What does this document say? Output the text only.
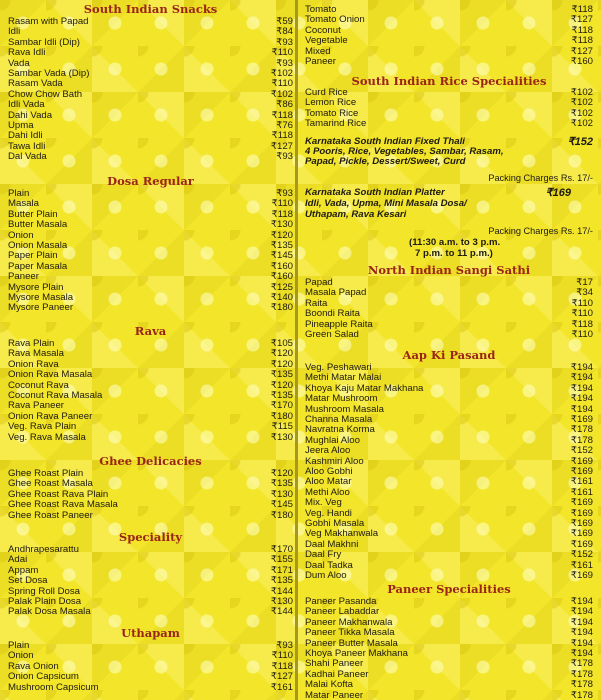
South Indian Snacks
Rasam with Papad	₹59
Idli	₹84
Sambar Idli (Dip)	₹93
Rava Idli	₹110
Vada	₹93
Sambar Vada (Dip)	₹102
Rasam Vada	₹110
Chow Chow Bath	₹102
Idli Vada	₹86
Dahi Vada	₹118
Upma	₹76
Dahi Idli	₹118
Tawa Idli	₹127
Dal Vada	₹93
Dosa Regular
Plain	₹93
Masala	₹110
Butter Plain	₹118
Butter Masala	₹130
Onion	₹120
Onion Masala	₹135
Paper Plain	₹145
Paper Masala	₹160
Paneer	₹160
Mysore Plain	₹125
Mysore Masala	₹140
Mysore Paneer	₹180
Rava
Rava Plain	₹105
Rava Masala	₹120
Onion Rava	₹120
Onion Rava Masala	₹135
Coconut Rava	₹120
Coconut Rava Masala	₹135
Rava Paneer	₹170
Onion Rava Paneer	₹180
Veg. Rava Plain	₹115
Veg. Rava Masala	₹130
Ghee Delicacies
Ghee Roast Plain	₹120
Ghee Roast Masala	₹135
Ghee Roast Rava Plain	₹130
Ghee Roast Rava Masala	₹145
Ghee Roast Paneer	₹180
Speciality
Andhrapesarattu	₹170
Adai	₹155
Appam	₹171
Set Dosa	₹135
Spring Roll Dosa	₹144
Palak Plain Dosa	₹130
Palak Dosa Masala	₹144
Uthapam
Plain	₹93
Onion	₹110
Rava Onion	₹118
Onion Capsicum	₹127
Mushroom Capsicum	₹161
Tomato	₹118
Tomato Onion	₹127
Coconut	₹118
Vegetable	₹118
Mixed	₹127
Paneer	₹160
South Indian Rice Specialities
Curd Rice	₹102
Lemon Rice	₹102
Tomato Rice	₹102
Tamarind Rice	₹102
Karnataka South Indian Fixed Thali
4 Pooris, Rice, Vegetables, Sambar, Rasam,
Papad, Pickle, Dessert/Sweet, Curd
₹152
Packing Charges Rs. 17/-
Karnataka South Indian Platter
Idli, Vada, Upma, Mini Masala Dosa/
Uthapam, Rava Kesari
₹169
Packing Charges Rs. 17/-
(11:30 a.m. to 3 p.m.
7 p.m. to 11 p.m.)
North Indian Sangi Sathi
Papad	₹17
Masala Papad	₹34
Raita	₹110
Boondi Raita	₹110
Pineapple Raita	₹118
Green Salad	₹110
Aap Ki Pasand
Veg. Peshawari	₹194
Methi Matar Malai	₹194
Khoya Kaju Matar Makhana	₹194
Matar Mushroom	₹194
Mushroom Masala	₹194
Channa Masala	₹169
Navratna Korma	₹178
Mughlai Aloo	₹178
Jeera Aloo	₹152
Kashmiri Aloo	₹169
Aloo Gobhi	₹169
Aloo Matar	₹161
Methi Aloo	₹161
Mix. Veg	₹169
Veg. Handi	₹169
Gobhi Masala	₹169
Veg Makhanwala	₹169
Daal Makhni	₹169
Daal Fry	₹152
Daal Tadka	₹161
Dum Aloo	₹169
Paneer Specialities
Paneer Pasanda	₹194
Paneer Labaddar	₹194
Paneer Makhanwala	₹194
Paneer Tikka Masala	₹194
Paneer Butter Masala	₹194
Khoya Paneer Makhana	₹194
Shahi Paneer	₹178
Kadhai Paneer	₹178
Malai Kofta	₹178
Matar Paneer	₹178
